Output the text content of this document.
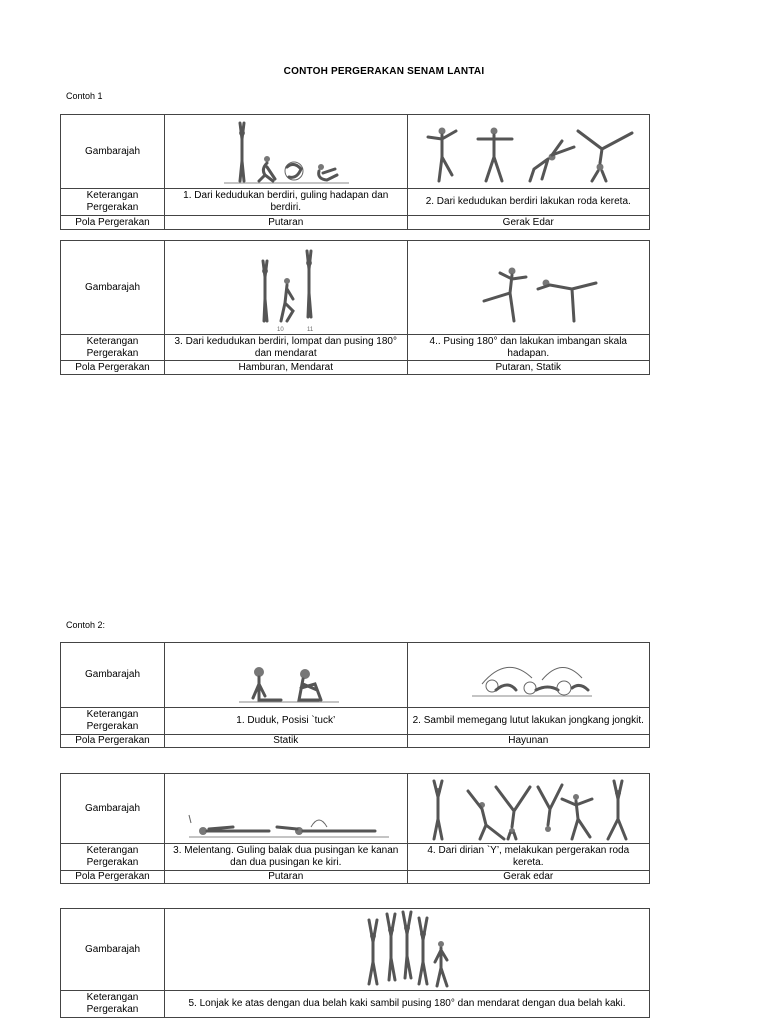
CONTOH PERGERAKAN SENAM LANTAI
Contoh 1
Gambarajah	

Keterangan
Pergerakan	1. Dari kedudukan berdiri, guling hadapan dan berdiri.	2. Dari kedudukan berdiri lakukan roda kereta.
Pola Pergerakan	Putaran	Gerak Edar
Gambarajah	10 11

Keterangan
Pergerakan	3. Dari kedudukan berdiri, lompat dan pusing 180° dan mendarat	4.. Pusing 180° dan lakukan imbangan skala hadapan.
Pola Pergerakan	Hamburan, Mendarat	Putaran, Statik
Contoh 2:
Gambarajah	

Keterangan
Pergerakan	1. Duduk, Posisi `tuck’	2. Sambil memegang lutut lakukan jongkang jongkit.
Pola Pergerakan	Statik	Hayunan
Gambarajah	

Keterangan
Pergerakan	3. Melentang. Guling balak dua pusingan ke kanan dan dua pusingan ke kiri.	4. Dari dirian `Y’, melakukan pergerakan roda kereta.
Pola Pergerakan	Putaran	Gerak edar
Gambarajah	

Keterangan
Pergerakan	5. Lonjak ke atas dengan dua belah kaki sambil pusing 180° dan mendarat dengan dua belah kaki.
